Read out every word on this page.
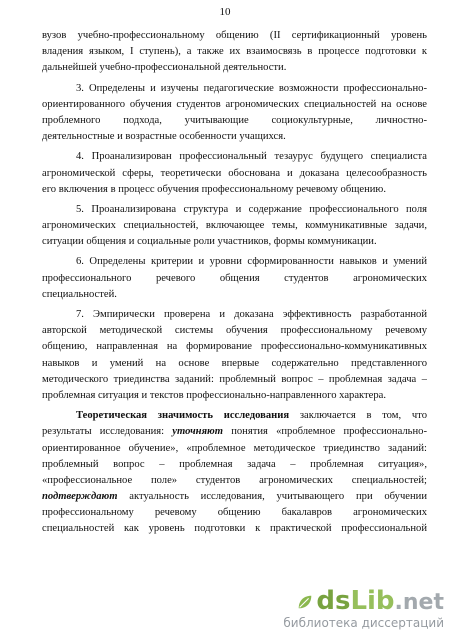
10
вузов учебно-профессиональному общению (II сертификационный уровень
владения языком, I ступень), а также их взаимосвязь в процессе подготовки к
дальнейшей учебно-профессиональной деятельности.
3. Определены и изучены педагогические возможности профессионально-
ориентированного обучения студентов агрономических специальностей на основе
проблемного подхода, учитывающие социокультурные, личностно-
деятельностные и возрастные особенности учащихся.
4. Проанализирован профессиональный тезаурус будущего специалиста
агрономической сферы, теоретически обоснована и доказана целесообразность
его включения в процесс обучения профессиональному речевому общению.
5. Проанализирована структура и содержание профессионального поля
агрономических специальностей, включающее темы, коммуникативные задачи,
ситуации общения и социальные роли участников, формы коммуникации.
6. Определены критерии и уровни сформированности навыков и умений
профессионального речевого общения студентов агрономических
специальностей.
7. Эмпирически проверена и доказана эффективность разработанной
авторской методической системы обучения профессиональному речевому
общению, направленная на формирование профессионально-коммуникативных
навыков и умений на основе впервые содержательно представленного
методического триединства заданий: проблемный вопрос – проблемная задача –
проблемная ситуация и текстов профессионально-направленного характера.
Теоретическая значимость исследования заключается в том, что
результаты исследования: уточняют понятия «проблемное профессионально-
ориентированное обучение», «проблемное методическое триединство заданий:
проблемный вопрос – проблемная задача – проблемная ситуация»,
«профессиональное поле» студентов агрономических специальностей;
подтверждают актуальность исследования, учитывающего при обучении
профессиональному речевому общению бакалавров агрономических
специальностей как уровень подготовки к практической профессиональной
dsLib.net
библиотека диссертаций
